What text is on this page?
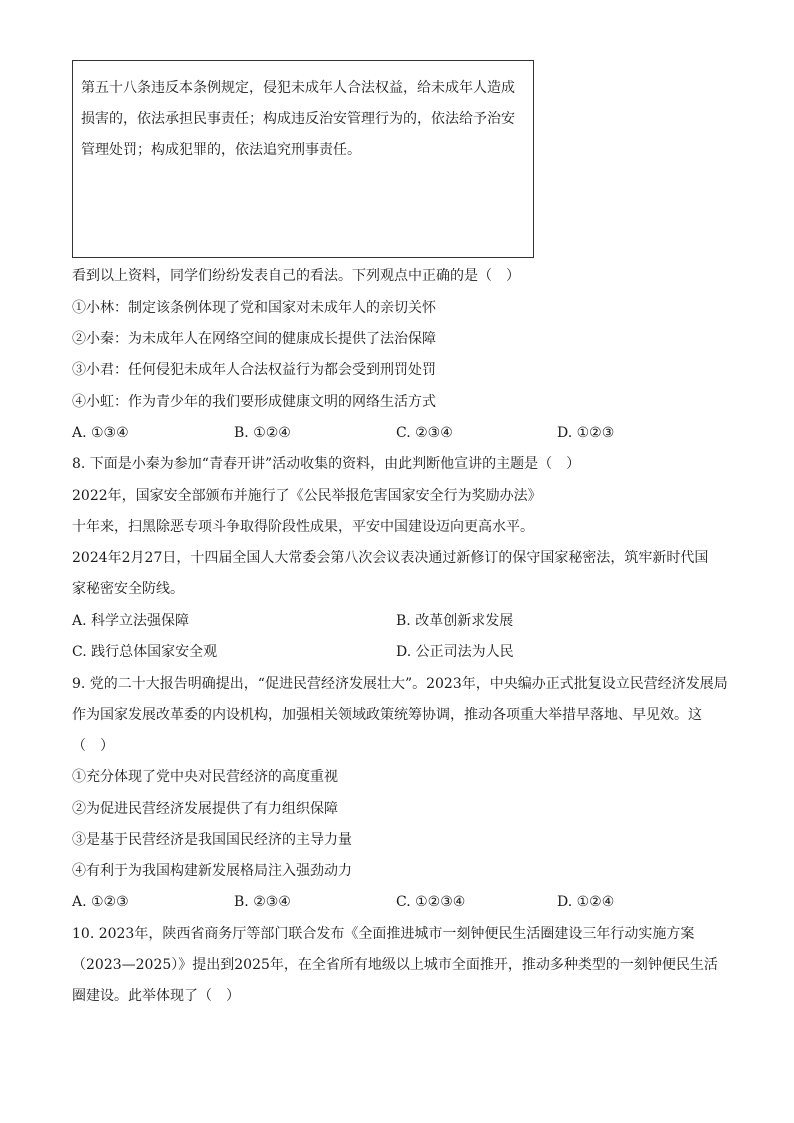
第五十八条违反本条例规定，侵犯未成年人合法权益，给未成年人造成

损害的，依法承担民事责任；构成违反治安管理行为的，依法给予治安

管理处罚；构成犯罪的，依法追究刑事责任。

看到以上资料，同学们纷纷发表自己的看法。下列观点中正确的是（　）
①小林：制定该条例体现了党和国家对未成年人的亲切关怀
②小秦：为未成年人在网络空间的健康成长提供了法治保障
③小君：任何侵犯未成年人合法权益行为都会受到刑罚处罚
④小虹：作为青少年的我们要形成健康文明的网络生活方式
A. ①③④	B. ①②④	C. ②③④	D. ①②③
8. 下面是小秦为参加“青春开讲”活动收集的资料，由此判断他宣讲的主题是（　）
2022年，国家安全部颁布并施行了《公民举报危害国家安全行为奖励办法》
十年来，扫黑除恶专项斗争取得阶段性成果，平安中国建设迈向更高水平。
2024年2月27日，十四届全国人大常委会第八次会议表决通过新修订的保守国家秘密法，筑牢新时代国
家秘密安全防线。
A. 科学立法强保障	B. 改革创新求发展
C. 践行总体国家安全观	D. 公正司法为人民
9. 党的二十大报告明确提出，“促进民营经济发展壮大”。2023年，中央编办正式批复设立民营经济发展局
作为国家发展改革委的内设机构，加强相关领域政策统筹协调，推动各项重大举措早落地、早见效。这
（　）
①充分体现了党中央对民营经济的高度重视
②为促进民营经济发展提供了有力组织保障
③是基于民营经济是我国国民经济的主导力量
④有利于为我国构建新发展格局注入强劲动力
A. ①②③	B. ②③④	C. ①②③④	D. ①②④
10. 2023年，陕西省商务厅等部门联合发布《全面推进城市一刻钟便民生活圈建设三年行动实施方案
（2023—2025）》提出到2025年，在全省所有地级以上城市全面推开，推动多种类型的一刻钟便民生活
圈建设。此举体现了（　）
